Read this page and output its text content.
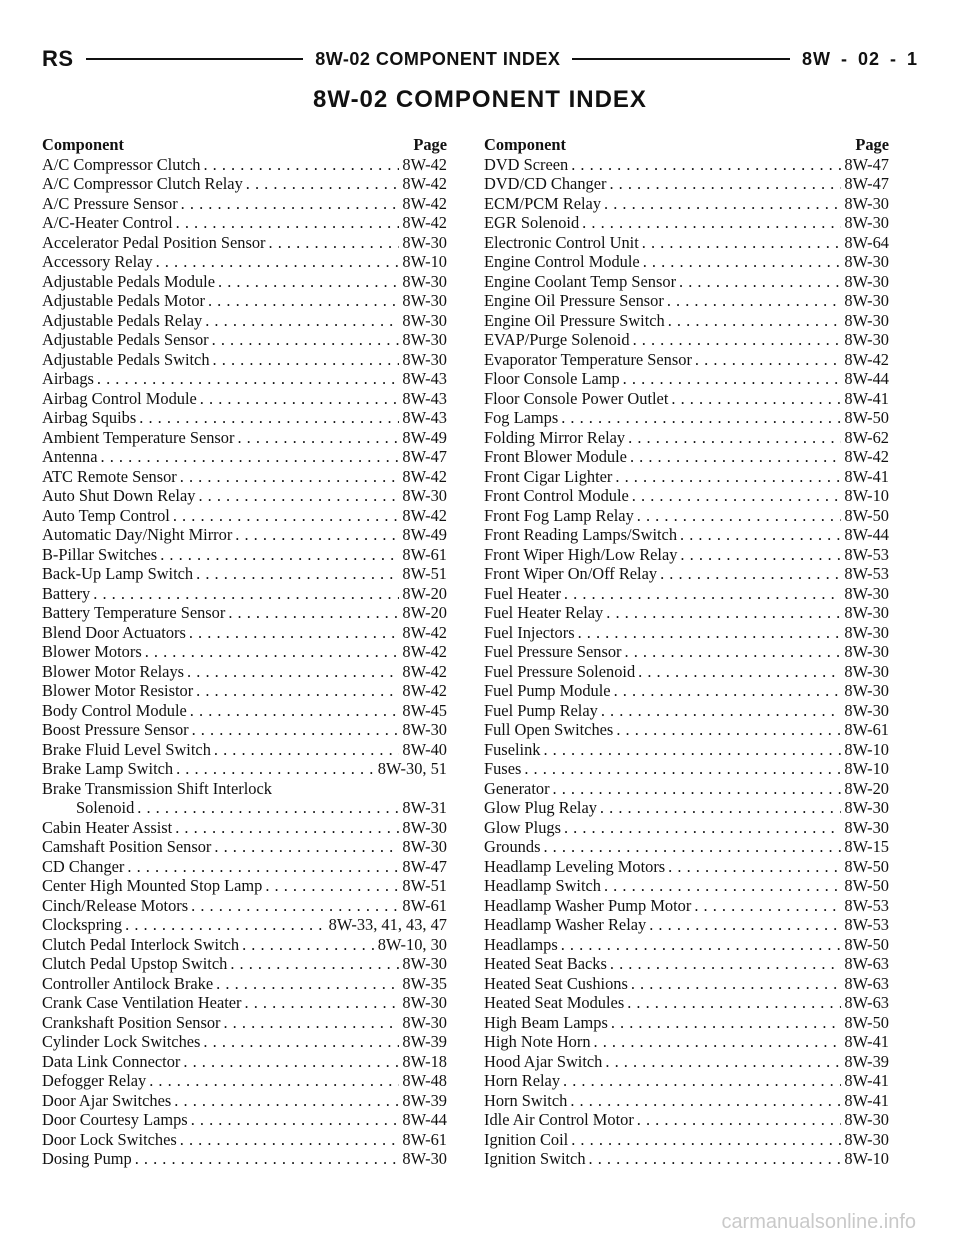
RS	8W-02 COMPONENT INDEX	8W - 02 - 1
8W-02 COMPONENT INDEX
Component	Page
A/C Compressor Clutch . . .	8W-42
A/C Compressor Clutch Relay . . .	8W-42
A/C Pressure Sensor . . .	8W-42
A/C-Heater Control . . .	8W-42
Accelerator Pedal Position Sensor . . .	8W-30
Accessory Relay . . .	8W-10
Adjustable Pedals Module . . .	8W-30
Adjustable Pedals Motor . . .	8W-30
Adjustable Pedals Relay . . .	8W-30
Adjustable Pedals Sensor . . .	8W-30
Adjustable Pedals Switch . . .	8W-30
Airbags . . .	8W-43
Airbag Control Module . . .	8W-43
Airbag Squibs . . .	8W-43
Ambient Temperature Sensor . . .	8W-49
Antenna . . .	8W-47
ATC Remote Sensor . . .	8W-42
Auto Shut Down Relay . . .	8W-30
Auto Temp Control . . .	8W-42
Automatic Day/Night Mirror . . .	8W-49
B-Pillar Switches . . .	8W-61
Back-Up Lamp Switch . . .	8W-51
Battery . . .	8W-20
Battery Temperature Sensor . . .	8W-20
Blend Door Actuators . . .	8W-42
Blower Motors . . .	8W-42
Blower Motor Relays . . .	8W-42
Blower Motor Resistor . . .	8W-42
Body Control Module . . .	8W-45
Boost Pressure Sensor . . .	8W-30
Brake Fluid Level Switch . . .	8W-40
Brake Lamp Switch . . .	8W-30, 51
Brake Transmission Shift Interlock
Solenoid . . .	8W-31
Cabin Heater Assist . . .	8W-30
Camshaft Position Sensor . . .	8W-30
CD Changer . . .	8W-47
Center High Mounted Stop Lamp . . .	8W-51
Cinch/Release Motors . . .	8W-61
Clockspring . . .	8W-33, 41, 43, 47
Clutch Pedal Interlock Switch . . .	8W-10, 30
Clutch Pedal Upstop Switch . . .	8W-30
Controller Antilock Brake . . .	8W-35
Crank Case Ventilation Heater . . .	8W-30
Crankshaft Position Sensor . . .	8W-30
Cylinder Lock Switches . . .	8W-39
Data Link Connector . . .	8W-18
Defogger Relay . . .	8W-48
Door Ajar Switches . . .	8W-39
Door Courtesy Lamps . . .	8W-44
Door Lock Switches . . .	8W-61
Dosing Pump . . .	8W-30
Component	Page
DVD Screen . . .	8W-47
DVD/CD Changer . . .	8W-47
ECM/PCM Relay . . .	8W-30
EGR Solenoid . . .	8W-30
Electronic Control Unit . . .	8W-64
Engine Control Module . . .	8W-30
Engine Coolant Temp Sensor . . .	8W-30
Engine Oil Pressure Sensor . . .	8W-30
Engine Oil Pressure Switch . . .	8W-30
EVAP/Purge Solenoid . . .	8W-30
Evaporator Temperature Sensor . . .	8W-42
Floor Console Lamp . . .	8W-44
Floor Console Power Outlet . . .	8W-41
Fog Lamps . . .	8W-50
Folding Mirror Relay . . .	8W-62
Front Blower Module . . .	8W-42
Front Cigar Lighter . . .	8W-41
Front Control Module . . .	8W-10
Front Fog Lamp Relay . . .	8W-50
Front Reading Lamps/Switch . . .	8W-44
Front Wiper High/Low Relay . . .	8W-53
Front Wiper On/Off Relay . . .	8W-53
Fuel Heater . . .	8W-30
Fuel Heater Relay . . .	8W-30
Fuel Injectors . . .	8W-30
Fuel Pressure Sensor . . .	8W-30
Fuel Pressure Solenoid . . .	8W-30
Fuel Pump Module . . .	8W-30
Fuel Pump Relay . . .	8W-30
Full Open Switches . . .	8W-61
Fuselink . . .	8W-10
Fuses . . .	8W-10
Generator . . .	8W-20
Glow Plug Relay . . .	8W-30
Glow Plugs . . .	8W-30
Grounds . . .	8W-15
Headlamp Leveling Motors . . .	8W-50
Headlamp Switch . . .	8W-50
Headlamp Washer Pump Motor . . .	8W-53
Headlamp Washer Relay . . .	8W-53
Headlamps . . .	8W-50
Heated Seat Backs . . .	8W-63
Heated Seat Cushions . . .	8W-63
Heated Seat Modules . . .	8W-63
High Beam Lamps . . .	8W-50
High Note Horn . . .	8W-41
Hood Ajar Switch . . .	8W-39
Horn Relay . . .	8W-41
Horn Switch . . .	8W-41
Idle Air Control Motor . . .	8W-30
Ignition Coil . . .	8W-30
Ignition Switch . . .	8W-10
carmanualsonline.info
